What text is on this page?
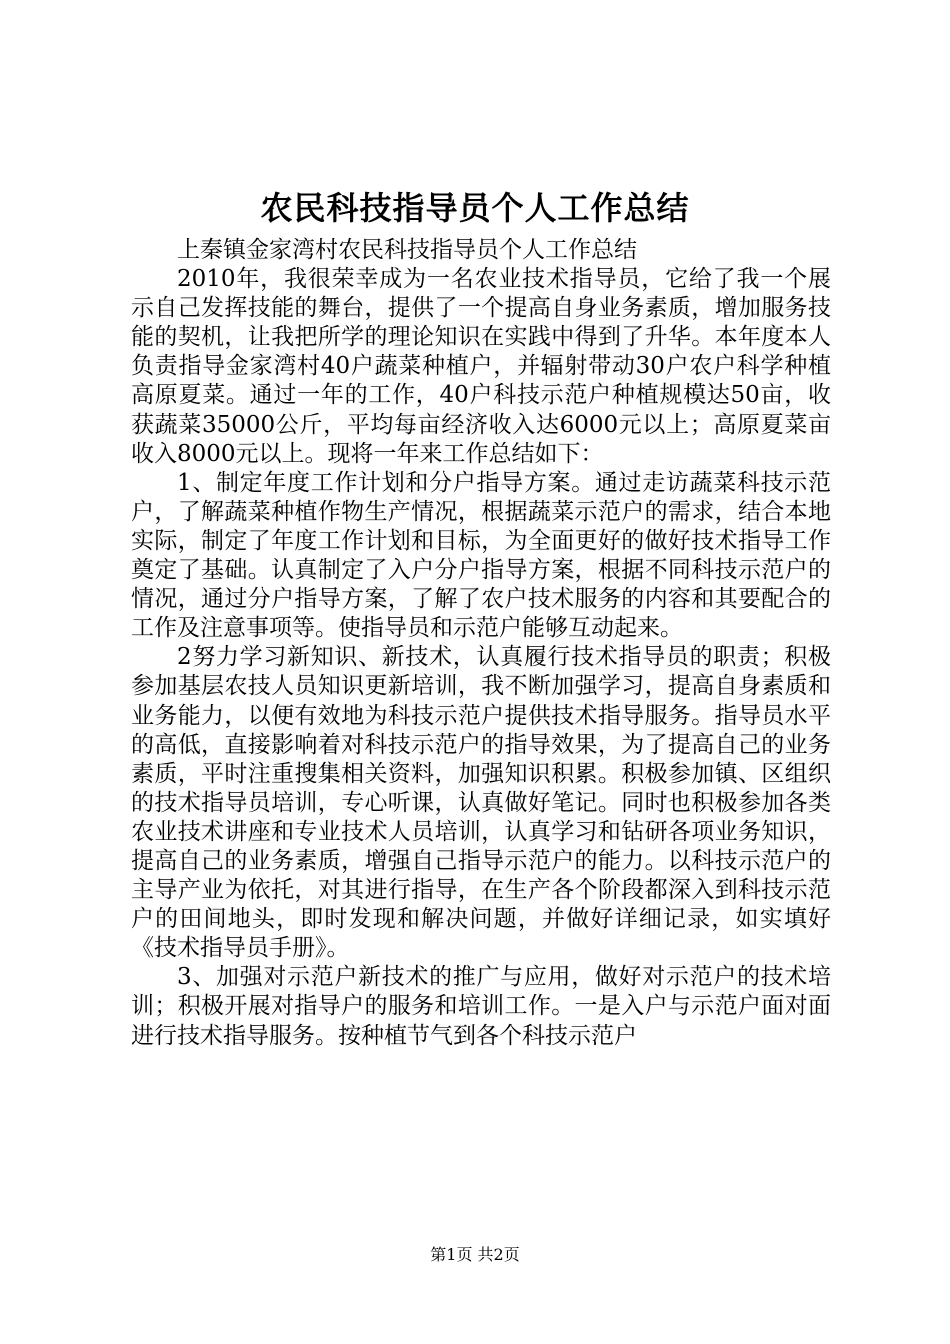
农民科技指导员个人工作总结

上秦镇金家湾村农民科技指导员个人工作总结

2010年，我很荣幸成为一名农业技术指导员，它给了我一个展示自己发挥技能的舞台，提供了一个提高自身业务素质，增加服务技能的契机，让我把所学的理论知识在实践中得到了升华。本年度本人负责指导金家湾村40户蔬菜种植户，并辐射带动30户农户科学种植高原夏菜。通过一年的工作，40户科技示范户种植规模达50亩，收获蔬菜35000公斤，平均每亩经济收入达6000元以上；高原夏菜亩收入8000元以上。现将一年来工作总结如下：

1、制定年度工作计划和分户指导方案。通过走访蔬菜科技示范户，了解蔬菜种植作物生产情况，根据蔬菜示范户的需求，结合本地实际，制定了年度工作计划和目标，为全面更好的做好技术指导工作奠定了基础。认真制定了入户分户指导方案，根据不同科技示范户的情况，通过分户指导方案，了解了农户技术服务的内容和其要配合的工作及注意事项等。使指导员和示范户能够互动起来。

2努力学习新知识、新技术，认真履行技术指导员的职责；积极参加基层农技人员知识更新培训，我不断加强学习，提高自身素质和业务能力，以便有效地为科技示范户提供技术指导服务。指导员水平的高低，直接影响着对科技示范户的指导效果，为了提高自己的业务素质，平时注重搜集相关资料，加强知识积累。积极参加镇、区组织的技术指导员培训，专心听课，认真做好笔记。同时也积极参加各类农业技术讲座和专业技术人员培训，认真学习和钻研各项业务知识，提高自己的业务素质，增强自己指导示范户的能力。以科技示范户的主导产业为依托，对其进行指导，在生产各个阶段都深入到科技示范户的田间地头，即时发现和解决问题，并做好详细记录，如实填好《技术指导员手册》。

3、加强对示范户新技术的推广与应用，做好对示范户的技术培训；积极开展对指导户的服务和培训工作。一是入户与示范户面对面进行技术指导服务。按种植节气到各个科技示范户

第1页 共2页
